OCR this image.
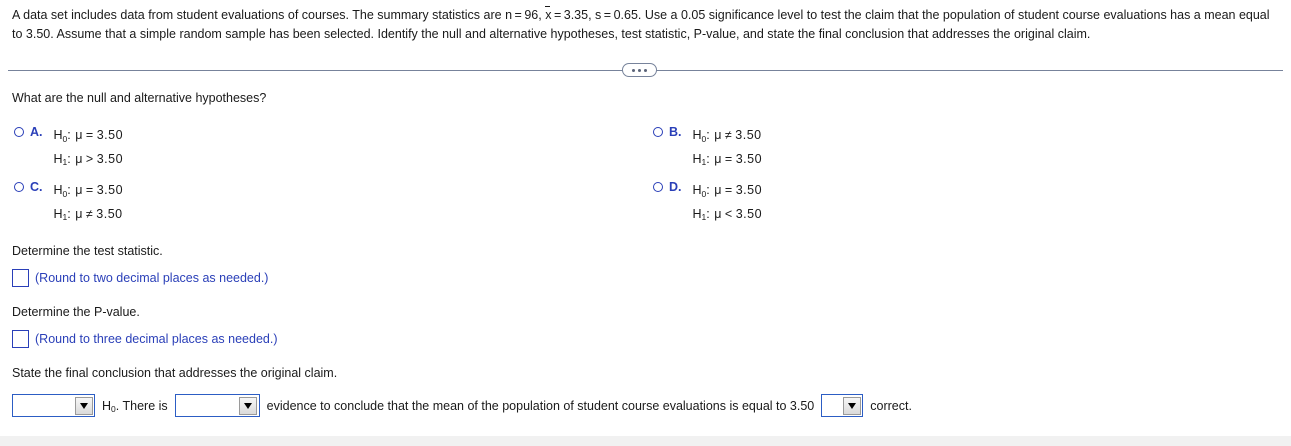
A data set includes data from student evaluations of courses. The summary statistics are n = 96, x = 3.35, s = 0.65. Use a 0.05 significance level to test the claim that the population of student course evaluations has a mean equal to 3.50. Assume that a simple random sample has been selected. Identify the null and alternative hypotheses, test statistic, P-value, and state the final conclusion that addresses the original claim.
What are the null and alternative hypotheses?
A. $H_0$: μ = 3.50
$H_1$: μ > 3.50
B. $H_0$: μ ≠ 3.50
$H_1$: μ = 3.50
C. $H_0$: μ = 3.50
$H_1$: μ ≠ 3.50
D. $H_0$: μ = 3.50
$H_1$: μ < 3.50
Determine the test statistic.
(Round to two decimal places as needed.)
Determine the P-value.
(Round to three decimal places as needed.)
State the final conclusion that addresses the original claim.
$H_0$. There is	evidence to conclude that the mean of the population of student course evaluations is equal to 3.50	correct.
